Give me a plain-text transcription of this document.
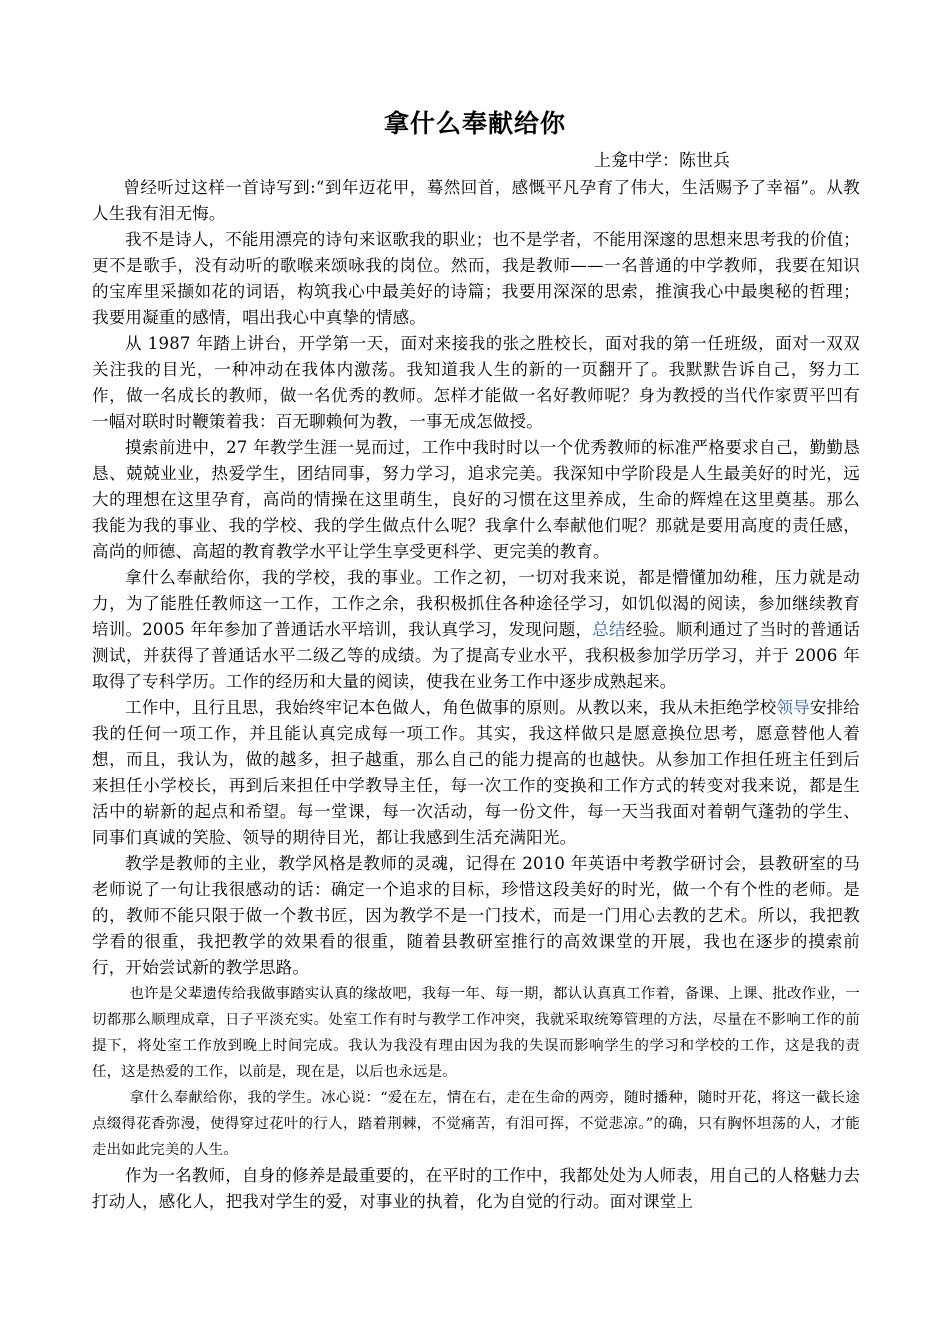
拿什么奉献给你
上龛中学：陈世兵

曾经听过这样一首诗写到:“到年迈花甲，蓦然回首，感慨平凡孕育了伟大，生活赐予了幸福”。从教人生我有泪无悔。

我不是诗人，不能用漂亮的诗句来讴歌我的职业；也不是学者，不能用深邃的思想来思考我的价值；更不是歌手，没有动听的歌喉来颂咏我的岗位。然而，我是教师——一名普通的中学教师，我要在知识的宝库里采撷如花的词语，构筑我心中最美好的诗篇；我要用深深的思索，推演我心中最奥秘的哲理；我要用凝重的感情，唱出我心中真挚的情感。

从 1987 年踏上讲台，开学第一天，面对来接我的张之胜校长，面对我的第一任班级，面对一双双关注我的目光，一种冲动在我体内激荡。我知道我人生的新的一页翻开了。我默默告诉自己，努力工作，做一名成长的教师，做一名优秀的教师。怎样才能做一名好教师呢？身为教授的当代作家贾平凹有一幅对联时时鞭策着我：百无聊赖何为教，一事无成怎做授。

摸索前进中，27 年教学生涯一晃而过，工作中我时时以一个优秀教师的标准严格要求自己，勤勤恳恳、兢兢业业，热爱学生，团结同事，努力学习，追求完美。我深知中学阶段是人生最美好的时光，远大的理想在这里孕育，高尚的情操在这里萌生，良好的习惯在这里养成，生命的辉煌在这里奠基。那么我能为我的事业、我的学校、我的学生做点什么呢？我拿什么奉献他们呢？那就是要用高度的责任感，高尚的师德、高超的教育教学水平让学生享受更科学、更完美的教育。

拿什么奉献给你，我的学校，我的事业。工作之初，一切对我来说，都是懵懂加幼稚，压力就是动力，为了能胜任教师这一工作，工作之余，我积极抓住各种途径学习，如饥似渴的阅读，参加继续教育培训。2005 年年参加了普通话水平培训，我认真学习，发现问题，总结经验。顺利通过了当时的普通话测试，并获得了普通话水平二级乙等的成绩。为了提高专业水平，我积极参加学历学习，并于 2006 年取得了专科学历。工作的经历和大量的阅读，使我在业务工作中逐步成熟起来。

工作中，且行且思，我始终牢记本色做人，角色做事的原则。从教以来，我从未拒绝学校领导安排给我的任何一项工作，并且能认真完成每一项工作。其实，我这样做只是愿意换位思考，愿意替他人着想，而且，我认为，做的越多，担子越重，那么自己的能力提高的也越快。从参加工作担任班主任到后来担任小学校长，再到后来担任中学教导主任，每一次工作的变换和工作方式的转变对我来说，都是生活中的崭新的起点和希望。每一堂课，每一次活动，每一份文件，每一天当我面对着朝气蓬勃的学生、同事们真诚的笑脸、领导的期待目光，都让我感到生活充满阳光。

教学是教师的主业，教学风格是教师的灵魂，记得在 2010 年英语中考教学研讨会，县教研室的马老师说了一句让我很感动的话：确定一个追求的目标，珍惜这段美好的时光，做一个有个性的老师。是的，教师不能只限于做一个教书匠，因为教学不是一门技术，而是一门用心去教的艺术。所以，我把教学看的很重，我把教学的效果看的很重，随着县教研室推行的高效课堂的开展，我也在逐步的摸索前行，开始尝试新的教学思路。

也许是父辈遗传给我做事踏实认真的缘故吧，我每一年、每一期，都认认真真工作着，备课、上课、批改作业，一切都那么顺理成章，日子平淡充实。处室工作有时与教学工作冲突，我就采取统筹管理的方法，尽量在不影响工作的前提下，将处室工作放到晚上时间完成。我认为我没有理由因为我的失误而影响学生的学习和学校的工作，这是我的责任，这是热爱的工作，以前是，现在是，以后也永远是。

拿什么奉献给你，我的学生。冰心说：“爱在左，情在右，走在生命的两旁，随时播种，随时开花，将这一截长途点缀得花香弥漫，使得穿过花叶的行人，踏着荆棘，不觉痛苦，有泪可挥，不觉悲凉。”的确，只有胸怀坦荡的人，才能走出如此完美的人生。

作为一名教师，自身的修养是最重要的，在平时的工作中，我都处处为人师表，用自己的人格魅力去打动人，感化人，把我对学生的爱，对事业的执着，化为自觉的行动。面对课堂上
